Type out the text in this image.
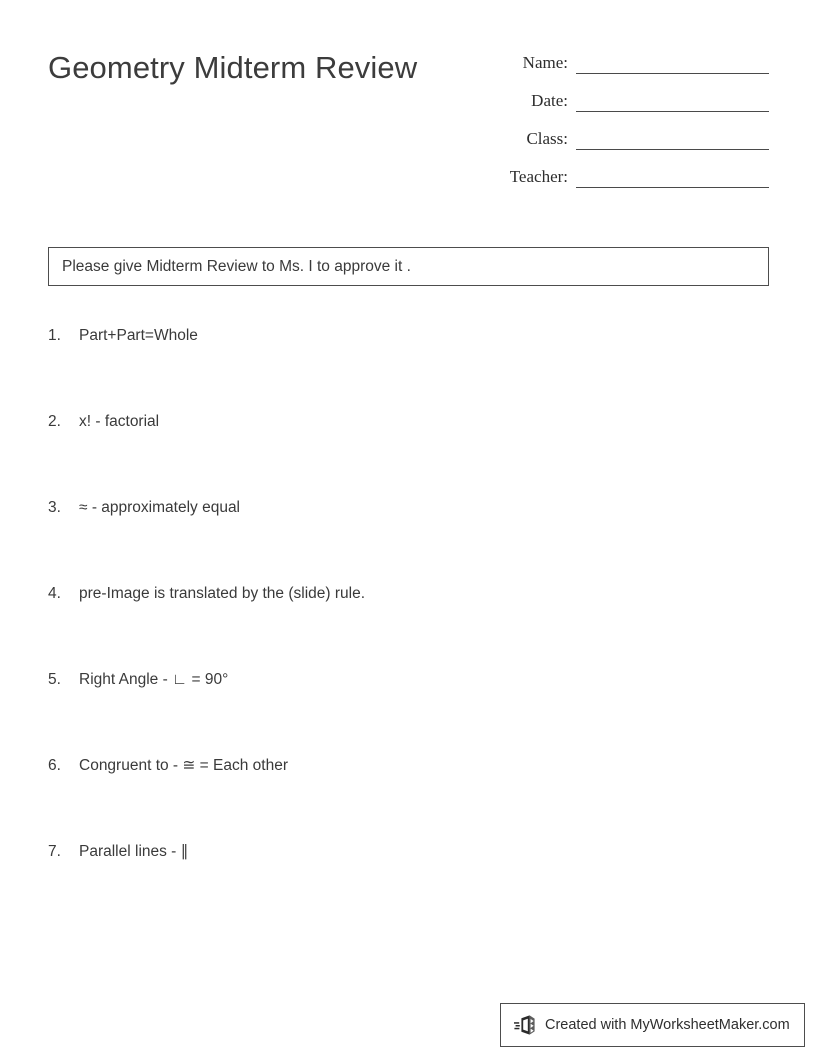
Geometry Midterm Review	Name:
Date:
Class:
Teacher:
Please give Midterm Review to Ms. I to approve it .
1.	Part+Part=Whole
2.	x! - factorial
3.	≈ - approximately equal
4.	pre-Image is translated by the (slide) rule.
5.	Right Angle - ∟ = 90°
6.	Congruent to - ≅ = Each other
7.	Parallel lines - ∥
Created with MyWorksheetMaker.com
